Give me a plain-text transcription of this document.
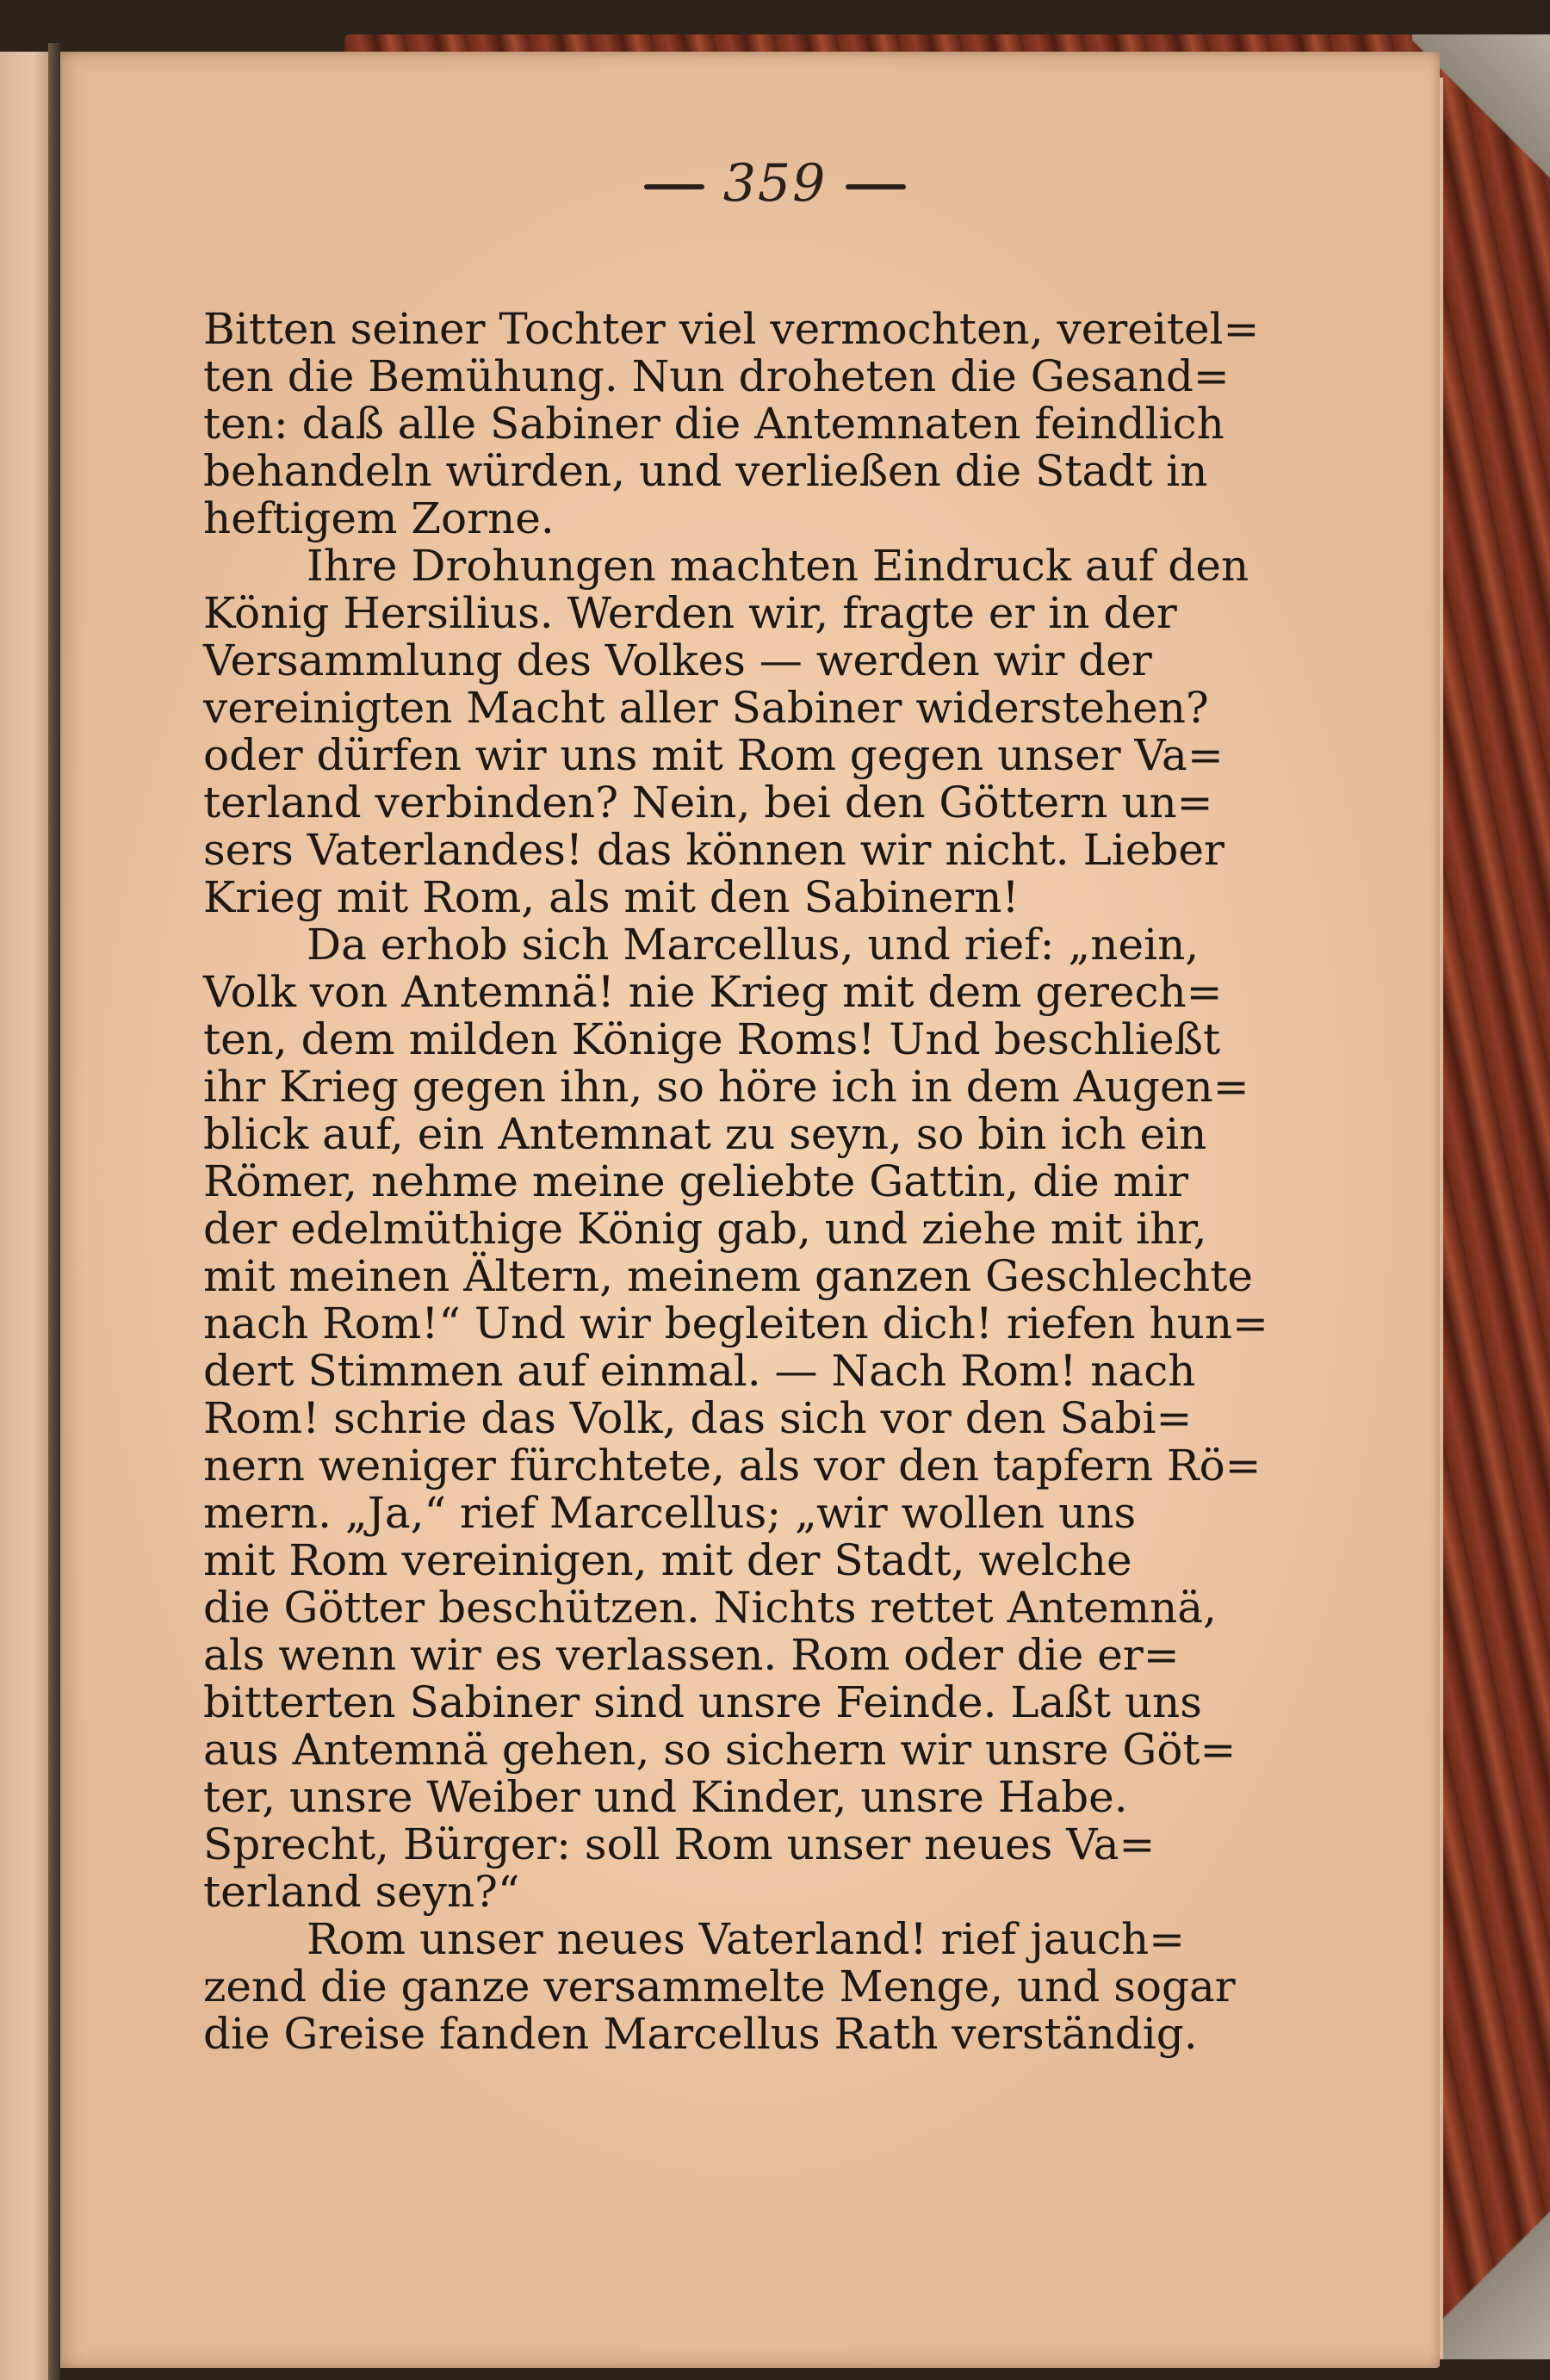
359
Bitten seiner Tochter viel vermochten, vereitel=
ten die Bemühung. Nun droheten die Gesand=
ten: daß alle Sabiner die Antemnaten feindlich
behandeln würden, und verließen die Stadt in
heftigem Zorne.
Ihre Drohungen machten Eindruck auf den
König Hersilius. Werden wir, fragte er in der
Versammlung des Volkes — werden wir der
vereinigten Macht aller Sabiner widerstehen?
oder dürfen wir uns mit Rom gegen unser Va=
terland verbinden? Nein, bei den Göttern un=
sers Vaterlandes! das können wir nicht. Lieber
Krieg mit Rom, als mit den Sabinern!
Da erhob sich Marcellus, und rief: „nein,
Volk von Antemnä! nie Krieg mit dem gerech=
ten, dem milden Könige Roms! Und beschließt
ihr Krieg gegen ihn, so höre ich in dem Augen=
blick auf, ein Antemnat zu seyn, so bin ich ein
Römer, nehme meine geliebte Gattin, die mir
der edelmüthige König gab, und ziehe mit ihr,
mit meinen Ältern, meinem ganzen Geschlechte
nach Rom!“ Und wir begleiten dich! riefen hun=
dert Stimmen auf einmal. — Nach Rom! nach
Rom! schrie das Volk, das sich vor den Sabi=
nern weniger fürchtete, als vor den tapfern Rö=
mern. „Ja,“ rief Marcellus; „wir wollen uns
mit Rom vereinigen, mit der Stadt, welche
die Götter beschützen. Nichts rettet Antemnä,
als wenn wir es verlassen. Rom oder die er=
bitterten Sabiner sind unsre Feinde. Laßt uns
aus Antemnä gehen, so sichern wir unsre Göt=
ter, unsre Weiber und Kinder, unsre Habe.
Sprecht, Bürger: soll Rom unser neues Va=
terland seyn?“
Rom unser neues Vaterland! rief jauch=
zend die ganze versammelte Menge, und sogar
die Greise fanden Marcellus Rath verständig.
